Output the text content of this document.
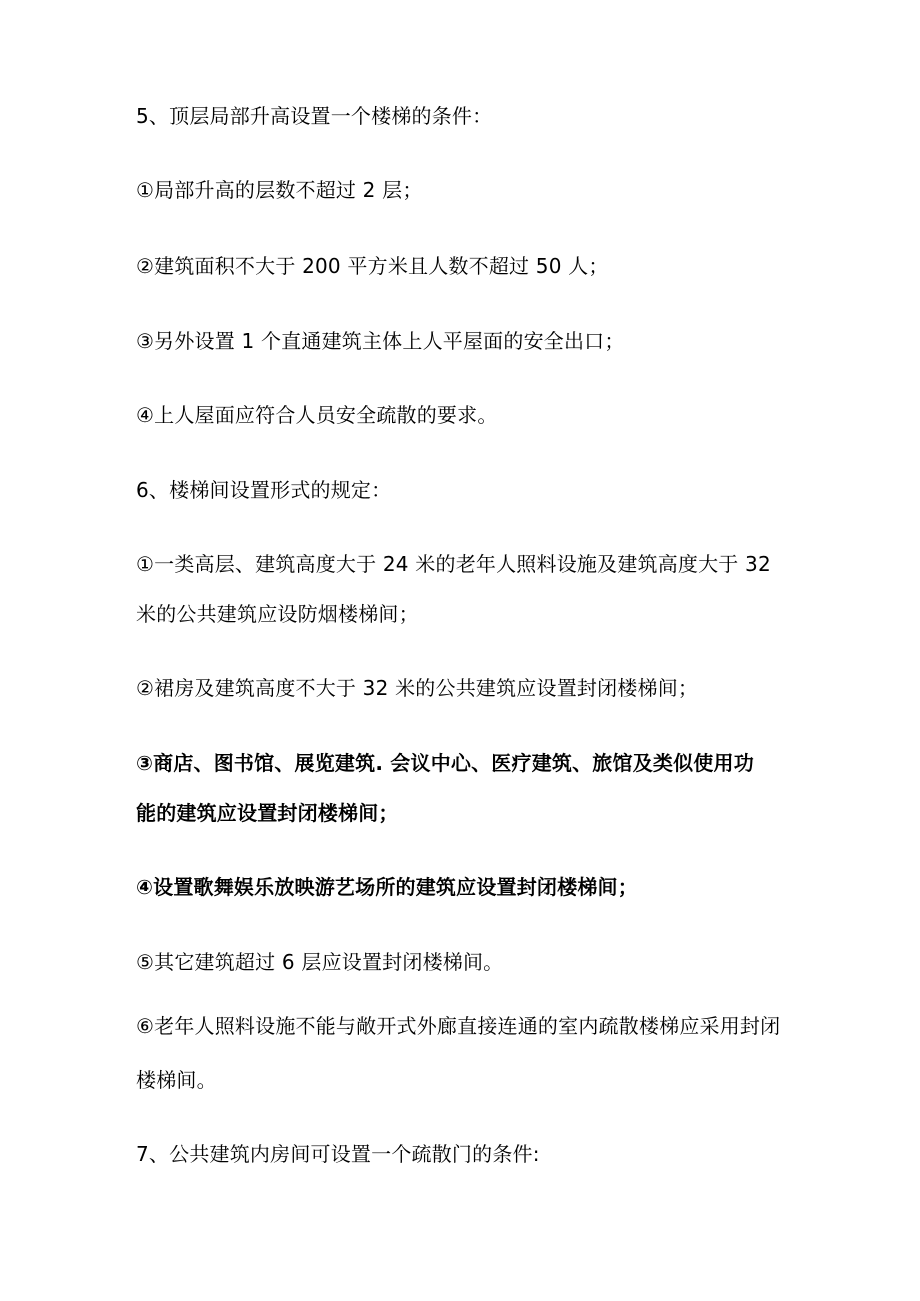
5、顶层局部升高设置一个楼梯的条件：
①局部升高的层数不超过 2 层；
②建筑面积不大于 200 平方米且人数不超过 50 人；
③另外设置 1 个直通建筑主体上人平屋面的安全出口；
④上人屋面应符合人员安全疏散的要求。
6、楼梯间设置形式的规定：
①一类高层、建筑高度大于 24 米的老年人照料设施及建筑高度大于 32
米的公共建筑应设防烟楼梯间；
②裙房及建筑高度不大于 32 米的公共建筑应设置封闭楼梯间；
③商店、图书馆、展览建筑. 会议中心、医疗建筑、旅馆及类似使用功
能的建筑应设置封闭楼梯间；
④设置歌舞娱乐放映游艺场所的建筑应设置封闭楼梯间；
⑤其它建筑超过 6 层应设置封闭楼梯间。
⑥老年人照料设施不能与敞开式外廊直接连通的室内疏散楼梯应采用封闭
楼梯间。
7、公共建筑内房间可设置一个疏散门的条件:
